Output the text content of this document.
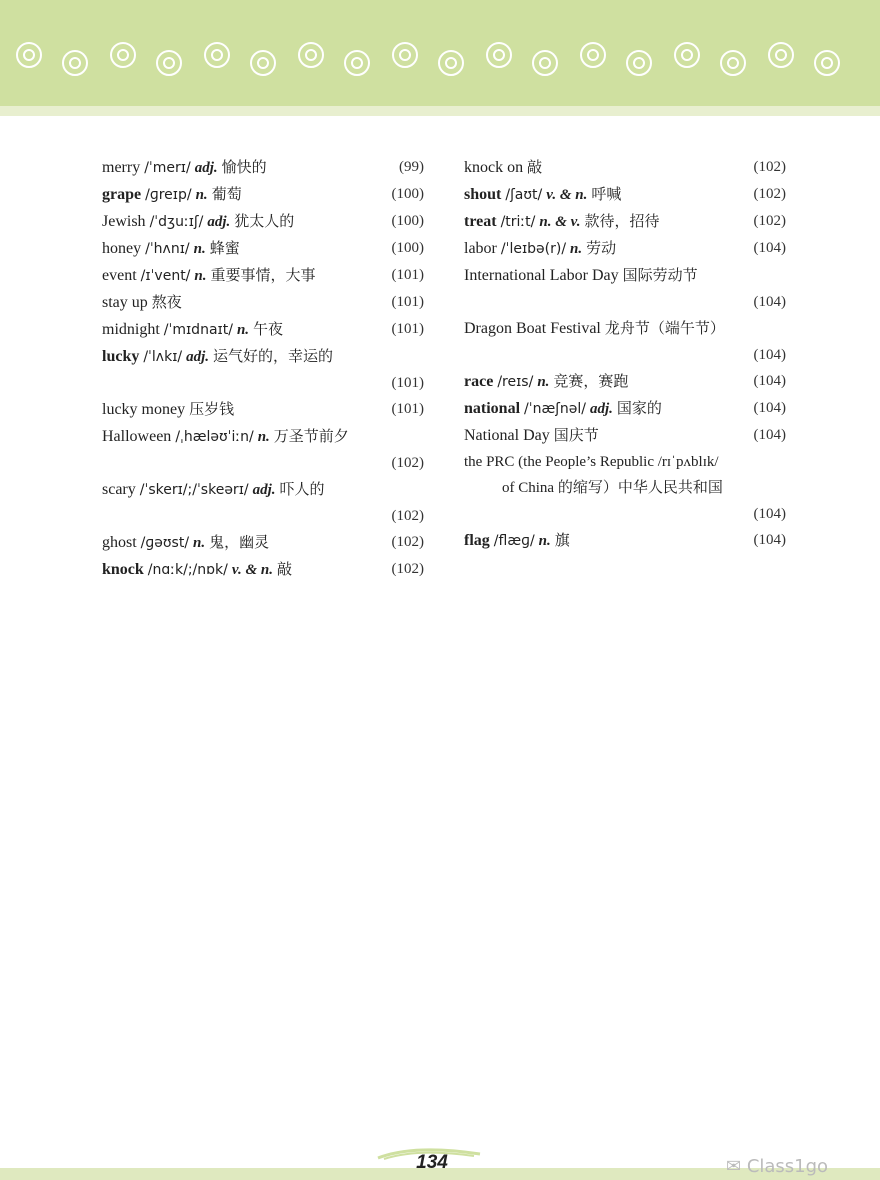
merry /ˈmerɪ/ adj. 愉快的	(99)
grape /ɡreɪp/ n. 葡萄	(100)
Jewish /ˈdʒuːɪʃ/ adj. 犹太人的	(100)
honey /ˈhʌnɪ/ n. 蜂蜜	(100)
event /ɪˈvent/ n. 重要事情，大事	(101)
stay up 熬夜	(101)
midnight /ˈmɪdnaɪt/ n. 午夜	(101)
lucky /ˈlʌkɪ/ adj. 运气好的，幸运的
(101)
lucky money 压岁钱	(101)
Halloween /ˌhæləʊˈiːn/ n. 万圣节前夕
(102)
scary /ˈskerɪ/;/ˈskeərɪ/ adj. 吓人的
(102)
ghost /ɡəʊst/ n. 鬼，幽灵	(102)
knock /nɑːk/;/nɒk/ v. & n. 敲	(102)
knock on 敲	(102)
shout /ʃaʊt/ v. & n. 呼喊	(102)
treat /triːt/ n. & v. 款待，招待	(102)
labor /ˈleɪbə(r)/ n. 劳动	(104)
International Labor Day 国际劳动节
(104)
Dragon Boat Festival 龙舟节（端午节）
(104)
race /reɪs/ n. 竞赛，赛跑	(104)
national /ˈnæʃnəl/ adj. 国家的	(104)
National Day 国庆节	(104)
the PRC (the People’s Republic /rɪˈpʌblɪk/
of China 的缩写）中华人民共和国
(104)
flag /flæɡ/ n. 旗	(104)
134	✉ Class1go
